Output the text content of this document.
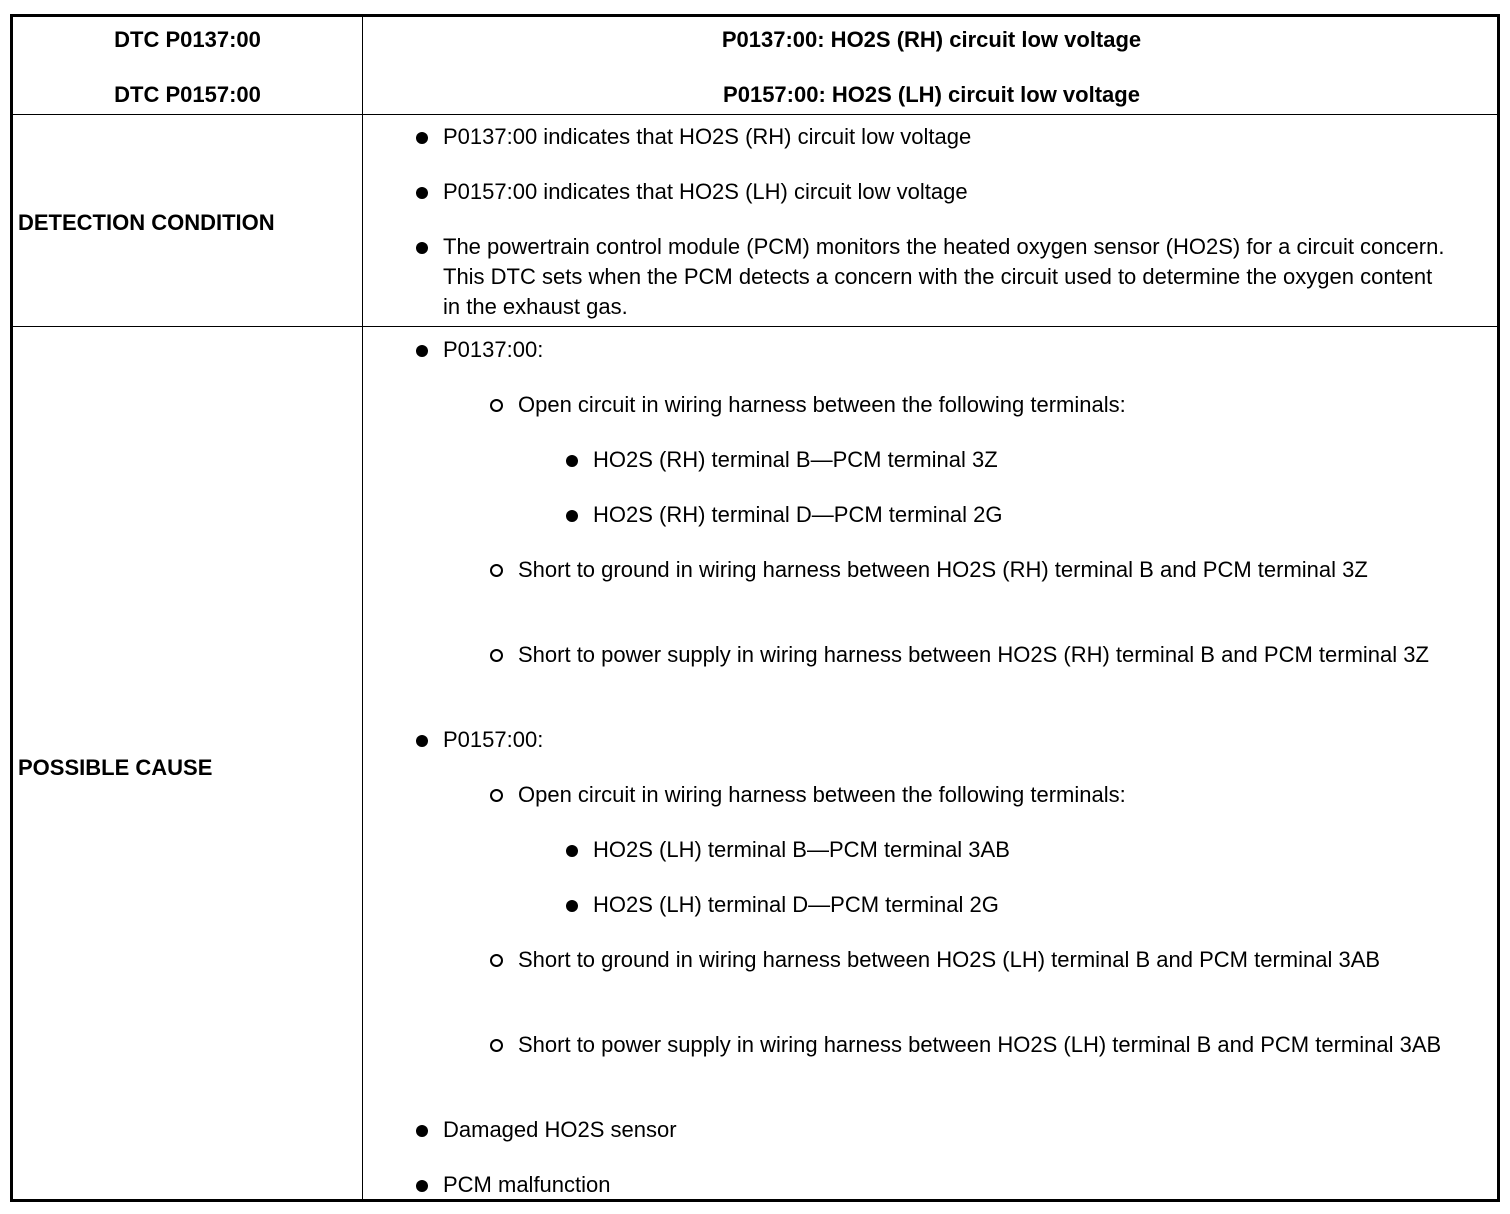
DTC P0137:00
DTC P0157:00
P0137:00: HO2S (RH) circuit low voltage
P0157:00: HO2S (LH) circuit low voltage
DETECTION CONDITION
P0137:00 indicates that HO2S (RH) circuit low voltage
P0157:00 indicates that HO2S (LH) circuit low voltage
The powertrain control module (PCM) monitors the heated oxygen sensor (HO2S) for a circuit concern. This DTC sets when the PCM detects a concern with the circuit used to determine the oxygen content in the exhaust gas.
POSSIBLE CAUSE
P0137:00:
Open circuit in wiring harness between the following terminals:
HO2S (RH) terminal B—PCM terminal 3Z
HO2S (RH) terminal D—PCM terminal 2G
Short to ground in wiring harness between HO2S (RH) terminal B and PCM terminal 3Z
Short to power supply in wiring harness between HO2S (RH) terminal B and PCM terminal 3Z
P0157:00:
Open circuit in wiring harness between the following terminals:
HO2S (LH) terminal B—PCM terminal 3AB
HO2S (LH) terminal D—PCM terminal 2G
Short to ground in wiring harness between HO2S (LH) terminal B and PCM terminal 3AB
Short to power supply in wiring harness between HO2S (LH) terminal B and PCM terminal 3AB
Damaged HO2S sensor
PCM malfunction
